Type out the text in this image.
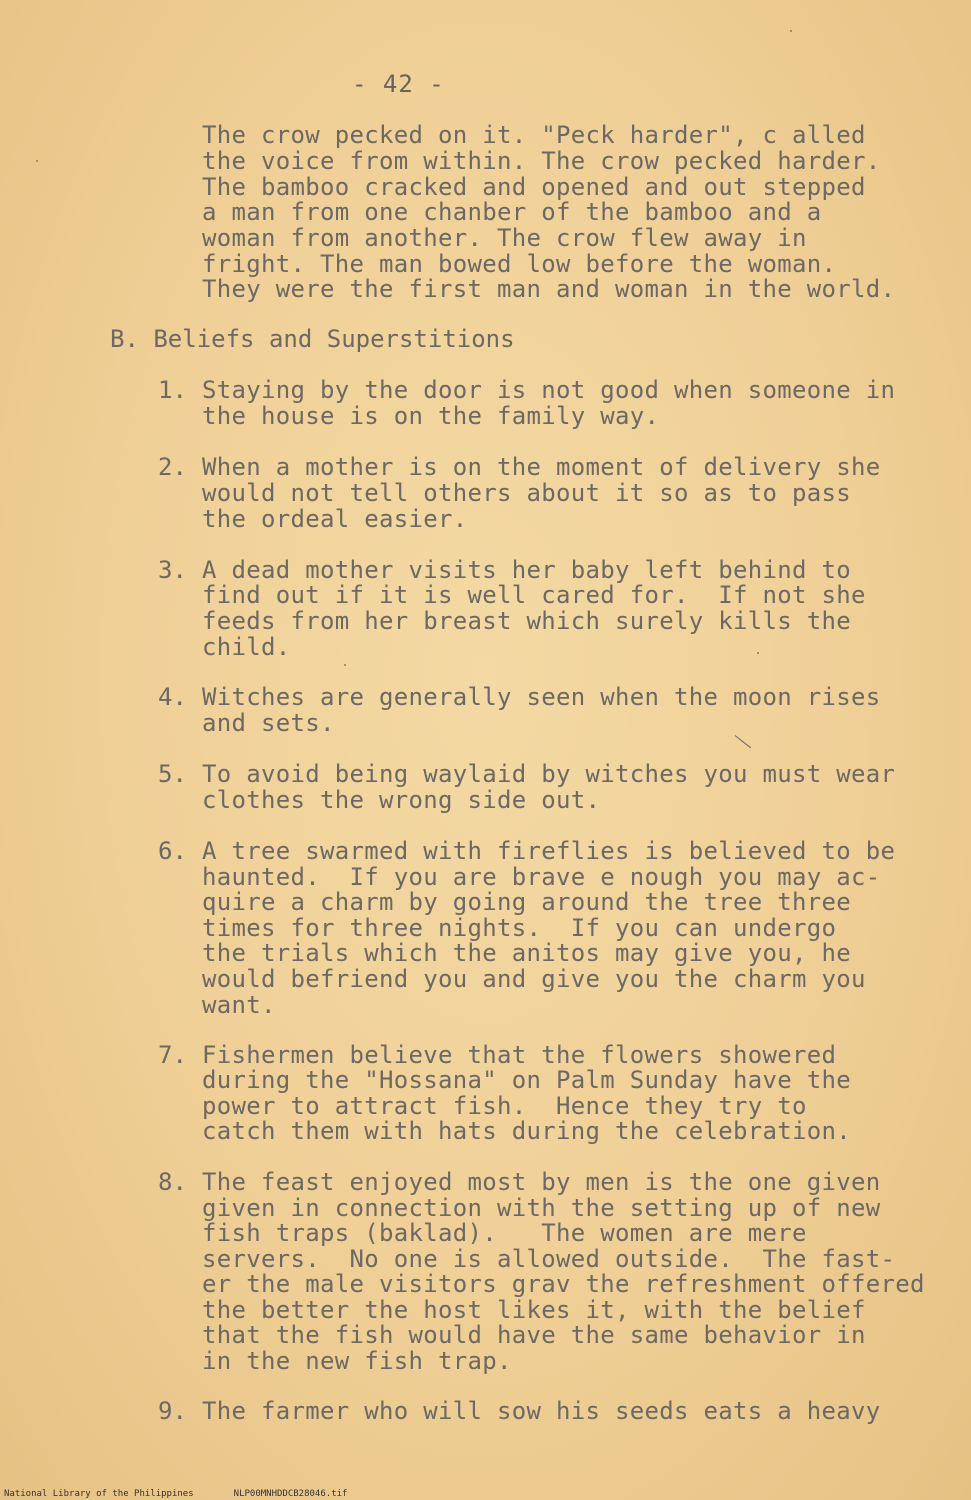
- 42 -
The crow pecked on it. "Peck harder", c alled
the voice from within. The crow pecked harder.
The bamboo cracked and opened and out stepped
a man from one chanber of the bamboo and a
woman from another. The crow flew away in
fright. The man bowed low before the woman.
They were the first man and woman in the world.
B. Beliefs and Superstitions
1. Staying by the door is not good when someone in
the house is on the family way.
2. When a mother is on the moment of delivery she
would not tell others about it so as to pass
the ordeal easier.
3. A dead mother visits her baby left behind to
find out if it is well cared for.  If not she
feeds from her breast which surely kills the
child.
4. Witches are generally seen when the moon rises
and sets.
5. To avoid being waylaid by witches you must wear
clothes the wrong side out.
6. A tree swarmed with fireflies is believed to be
haunted.  If you are brave e nough you may ac-
quire a charm by going around the tree three
times for three nights.  If you can undergo
the trials which the anitos may give you, he
would befriend you and give you the charm you
want.
7. Fishermen believe that the flowers showered
during the "Hossana" on Palm Sunday have the
power to attract fish.  Hence they try to
catch them with hats during the celebration.
8. The feast enjoyed most by men is the one given
given in connection with the setting up of new
fish traps (baklad).   The women are mere
servers.  No one is allowed outside.  The fast-
er the male visitors grav the refreshment offered
the better the host likes it, with the belief
that the fish would have the same behavior in
in the new fish trap.
9. The farmer who will sow his seeds eats a heavy
National Library of the Philippines	NLP00MNHDDCB28046.tif
